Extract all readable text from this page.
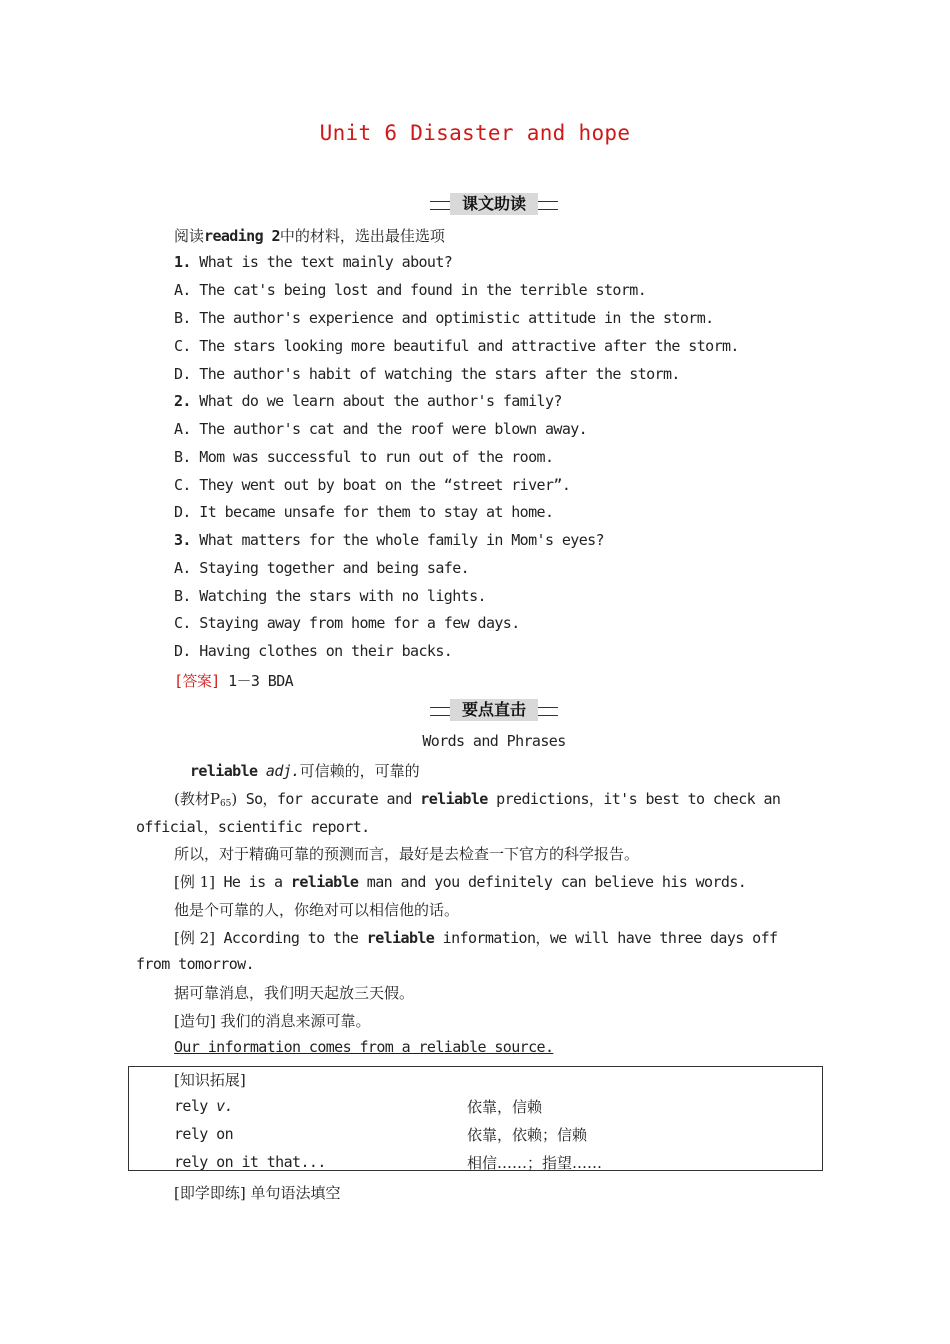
Unit 6 Disaster and hope
课文助读
阅读reading 2中的材料，选出最佳选项
1. What is the text mainly about?
A. The cat's being lost and found in the terrible storm.
B. The author's experience and optimistic attitude in the storm.
C. The stars looking more beautiful and attractive after the storm.
D. The author's habit of watching the stars after the storm.
2. What do we learn about the author's family?
A. The author's cat and the roof were blown away.
B. Mom was successful to run out of the room.
C. They went out by boat on the “street river”.
D. It became unsafe for them to stay at home.
3. What matters for the whole family in Mom's eyes?
A. Staying together and being safe.
B. Watching the stars with no lights.
C. Staying away from home for a few days.
D. Having clothes on their backs.
[答案] 1－3 BDA
要点直击
Words and Phrases
reliable adj.可信赖的，可靠的
(教材$P_{65}$) So，for accurate and reliable predictions，it's best to check an
official，scientific report.
所以，对于精确可靠的预测而言，最好是去检查一下官方的科学报告。
[例 1] He is a reliable man and you definitely can believe his words.
他是个可靠的人，你绝对可以相信他的话。
[例 2] According to the reliable information，we will have three days off
from tomorrow.
据可靠消息，我们明天起放三天假。
[造句] 我们的消息来源可靠。
Our information comes from a reliable source.
[知识拓展]
rely v.	依靠，信赖
rely on	依靠，依赖；信赖
rely on it that...	相信……；指望……
[即学即练] 单句语法填空
